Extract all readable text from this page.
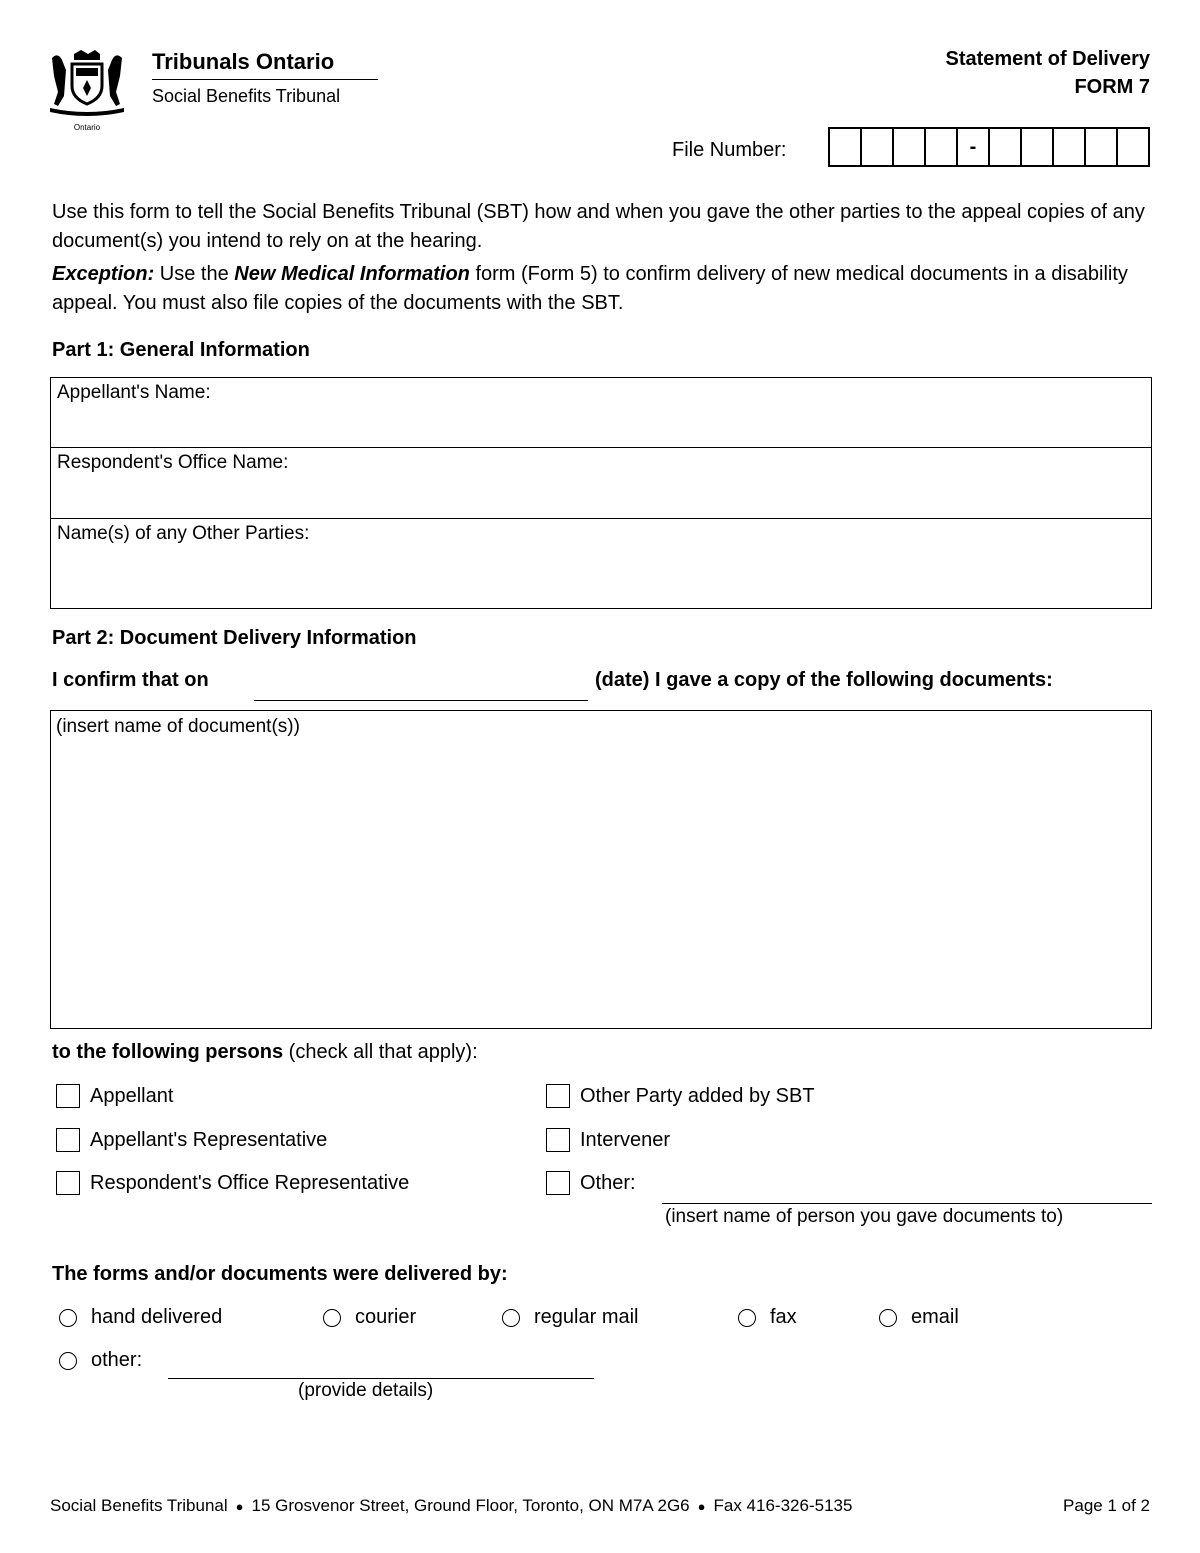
Ontario
Tribunals Ontario
Social Benefits Tribunal
Statement of Delivery
FORM 7
File Number:	-

Use this form to tell the Social Benefits Tribunal (SBT) how and when you gave the other parties to the appeal copies of any document(s) you intend to rely on at the hearing.

Exception: Use the New Medical Information form (Form 5) to confirm delivery of new medical documents in a disability appeal. You must also file copies of the documents with the SBT.

Part 1: General Information
Appellant's Name:
Respondent's Office Name:
Name(s) of any Other Parties:
Part 2: Document Delivery Information
I confirm that on	(date) I gave a copy of the following documents:
(insert name of document(s))
to the following persons (check all that apply):
Appellant
Appellant's Representative
Respondent's Office Representative
Other Party added by SBT
Intervener
Other:
(insert name of person you gave documents to)
The forms and/or documents were delivered by:
hand delivered	courier	regular mail	fax	email
other:
(provide details)
Social Benefits Tribunal ● 15 Grosvenor Street, Ground Floor, Toronto, ON M7A 2G6 ● Fax 416-326-5135	Page 1 of 2
